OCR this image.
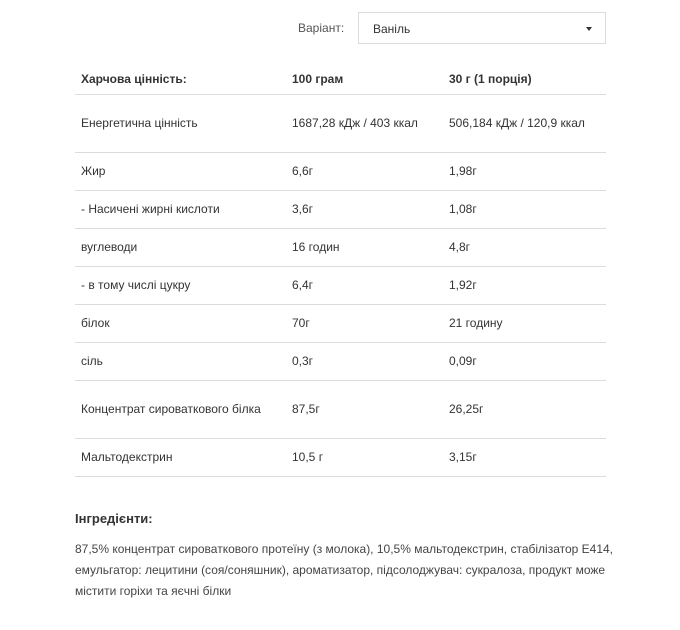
Варіант: Ваніль
Харчова цінність:	100 грам	30 г (1 порція)
Енергетична цінність	1687,28 кДж / 403 ккал	506,184 кДж / 120,9 ккал
Жир	6,6г	1,98г
- Насичені жирні кислоти	3,6г	1,08г
вуглеводи	16 годин	4,8г
- в тому числі цукру	6,4г	1,92г
білок	70г	21 годину
сіль	0,3г	0,09г
Концентрат сироваткового білка	87,5г	26,25г
Мальтодекстрин	10,5 г	3,15г
Інгредієнти:
87,5% концентрат сироваткового протеїну (з молока), 10,5% мальтодекстрин, стабілізатор E414, емульгатор: лецитини (соя/соняшник), ароматизатор, підсолоджувач: сукралоза, продукт може містити горіхи та яєчні білки
